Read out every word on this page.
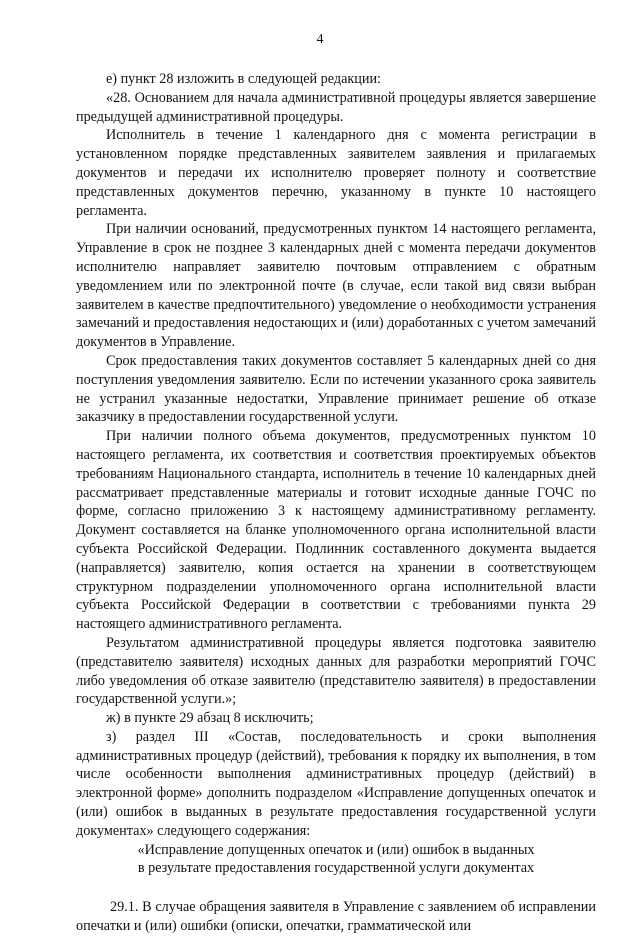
4

е) пункт 28 изложить в следующей редакции:

«28. Основанием для начала административной процедуры является завершение предыдущей административной процедуры.

Исполнитель в течение 1 календарного дня с момента регистрации в установленном порядке представленных заявителем заявления и прилагаемых документов и передачи их исполнителю проверяет полноту и соответствие представленных документов перечню, указанному в пункте 10 настоящего регламента.

При наличии оснований, предусмотренных пунктом 14 настоящего регламента, Управление в срок не позднее 3 календарных дней с момента передачи документов исполнителю направляет заявителю почтовым отправлением с обратным уведомлением или по электронной почте (в случае, если такой вид связи выбран заявителем в качестве предпочтительного) уведомление о необходимости устранения замечаний и предоставления недостающих и (или) доработанных с учетом замечаний документов в Управление.

Срок предоставления таких документов составляет 5 календарных дней со дня поступления уведомления заявителю. Если по истечении указанного срока заявитель не устранил указанные недостатки, Управление принимает решение об отказе заказчику в предоставлении государственной услуги.

При наличии полного объема документов, предусмотренных пунктом 10 настоящего регламента, их соответствия и соответствия проектируемых объектов требованиям Национального стандарта, исполнитель в течение 10 календарных дней рассматривает представленные материалы и готовит исходные данные ГОЧС по форме, согласно приложению 3 к настоящему административному регламенту. Документ составляется на бланке уполномоченного органа исполнительной власти субъекта Российской Федерации. Подлинник составленного документа выдается (направляется) заявителю, копия остается на хранении в соответствующем структурном подразделении уполномоченного органа исполнительной власти субъекта Российской Федерации в соответствии с требованиями пункта 29 настоящего административного регламента.

Результатом административной процедуры является подготовка заявителю (представителю заявителя) исходных данных для разработки мероприятий ГОЧС либо уведомления об отказе заявителю (представителю заявителя) в предоставлении государственной услуги.»;

ж) в пункте 29 абзац 8 исключить;

з) раздел III «Состав, последовательность и сроки выполнения административных процедур (действий), требования к порядку их выполнения, в том числе особенности выполнения административных процедур (действий) в электронной форме» дополнить подразделом «Исправление допущенных опечаток и (или) ошибок в выданных в результате предоставления государственной услуги документах» следующего содержания:

«Исправление допущенных опечаток и (или) ошибок в выданных

в результате предоставления государственной услуги документах

29.1. В случае обращения заявителя в Управление с заявлением об исправлении опечатки и (или) ошибки (описки, опечатки, грамматической или
